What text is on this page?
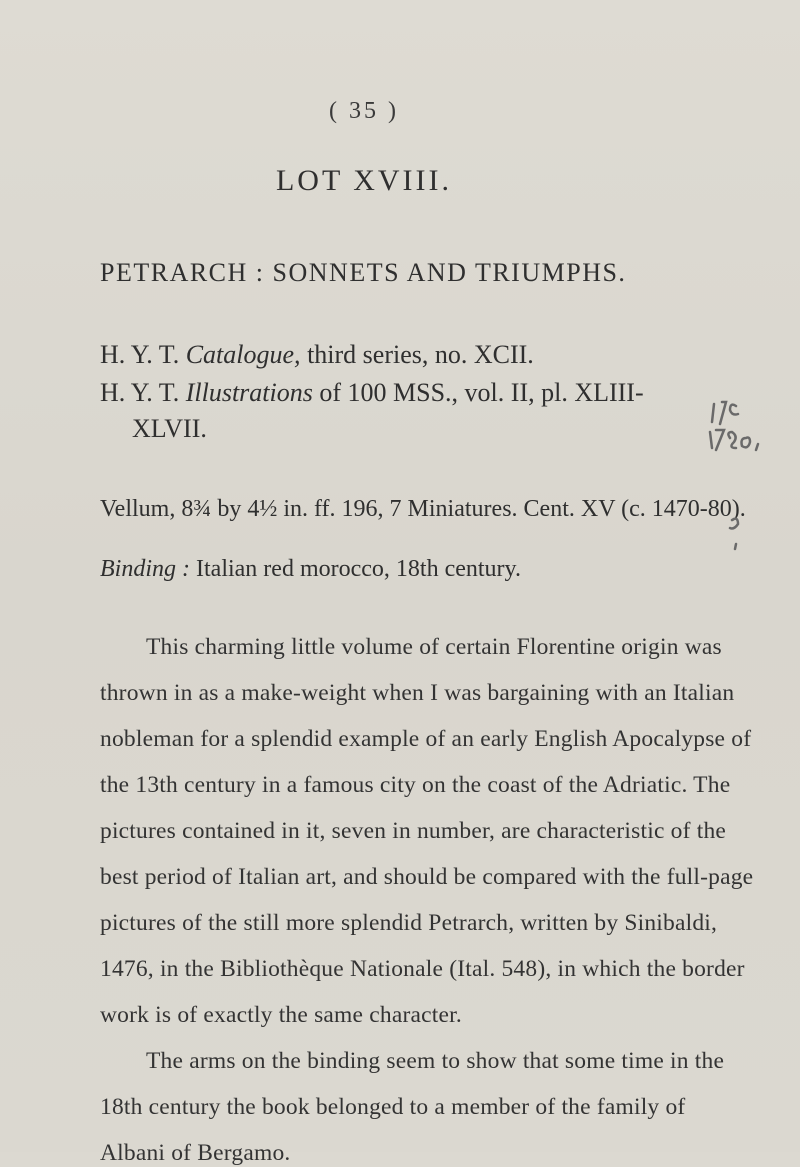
( 35 )
LOT XVIII.
PETRARCH : SONNETS AND TRIUMPHS.
H. Y. T. Catalogue, third series, no. XCII.
H. Y. T. Illustrations of 100 MSS., vol. II, pl. XLIII-
XLVII.
Vellum, 8¾ by 4½ in. ff. 196, 7 Miniatures. Cent. XV (c. 1470-80).
Binding : Italian red morocco, 18th century.
This charming little volume of certain Florentine origin was
thrown in as a make-weight when I was bargaining with an Italian
nobleman for a splendid example of an early English Apocalypse of
the 13th century in a famous city on the coast of the Adriatic. The
pictures contained in it, seven in number, are characteristic of the
best period of Italian art, and should be compared with the full-page
pictures of the still more splendid Petrarch, written by Sinibaldi,
1476, in the Bibliothèque Nationale (Ital. 548), in which the border
work is of exactly the same character.
The arms on the binding seem to show that some time in the
18th century the book belonged to a member of the family of
Albani of Bergamo.
